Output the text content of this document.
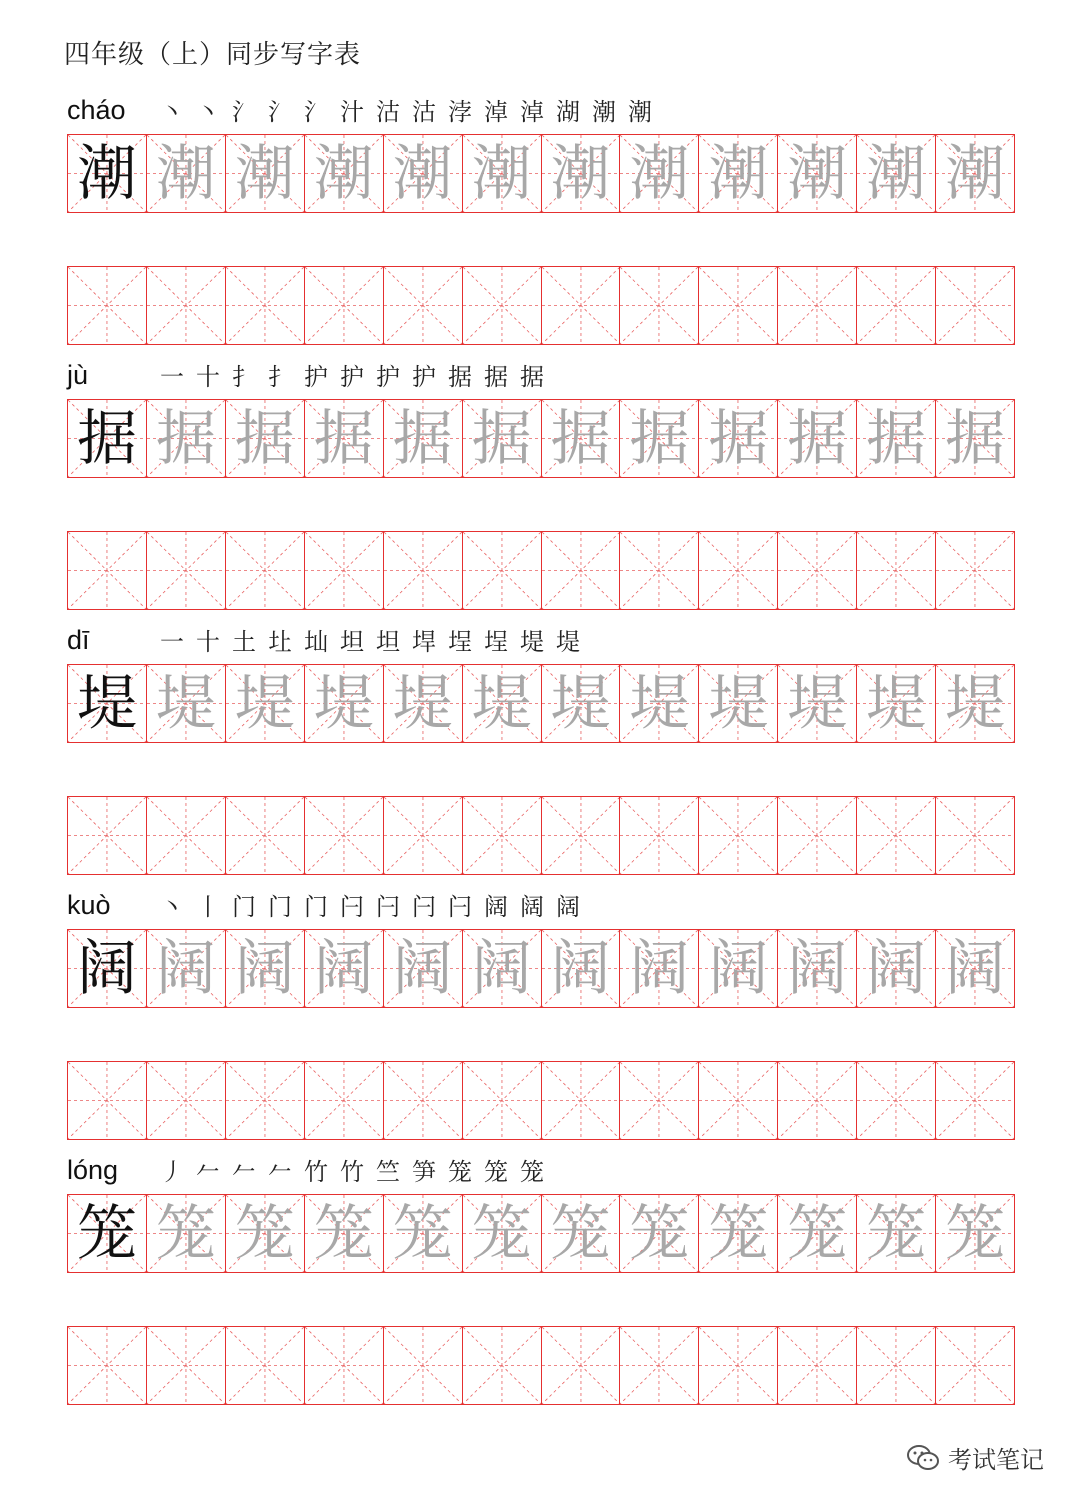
四年级（上）同步写字表
cháo 丶 丶 氵 氵 氵 汁 沽 沽 浡 淖 淖 湖 潮 潮
潮 潮 潮 潮 潮 潮 潮 潮 潮 潮 潮 潮
jù	一 十 扌 扌 护 护 护 护 据 据 据
据 据 据 据 据 据 据 据 据 据 据 据
dī	一 十 土 圵 圸 坦 坦 垾 埕 埕 堤 堤
堤 堤 堤 堤 堤 堤 堤 堤 堤 堤 堤 堤
kuò 丶 丨 门 门 门 闩 闩 闩 闩 阔 阔 阔
阔 阔 阔 阔 阔 阔 阔 阔 阔 阔 阔 阔
lóng 丿 𠂉 𠂉 𠂉 竹 竹 竺 笋 笼 笼 笼
笼 笼 笼 笼 笼 笼 笼 笼 笼 笼 笼 笼
考试笔记
